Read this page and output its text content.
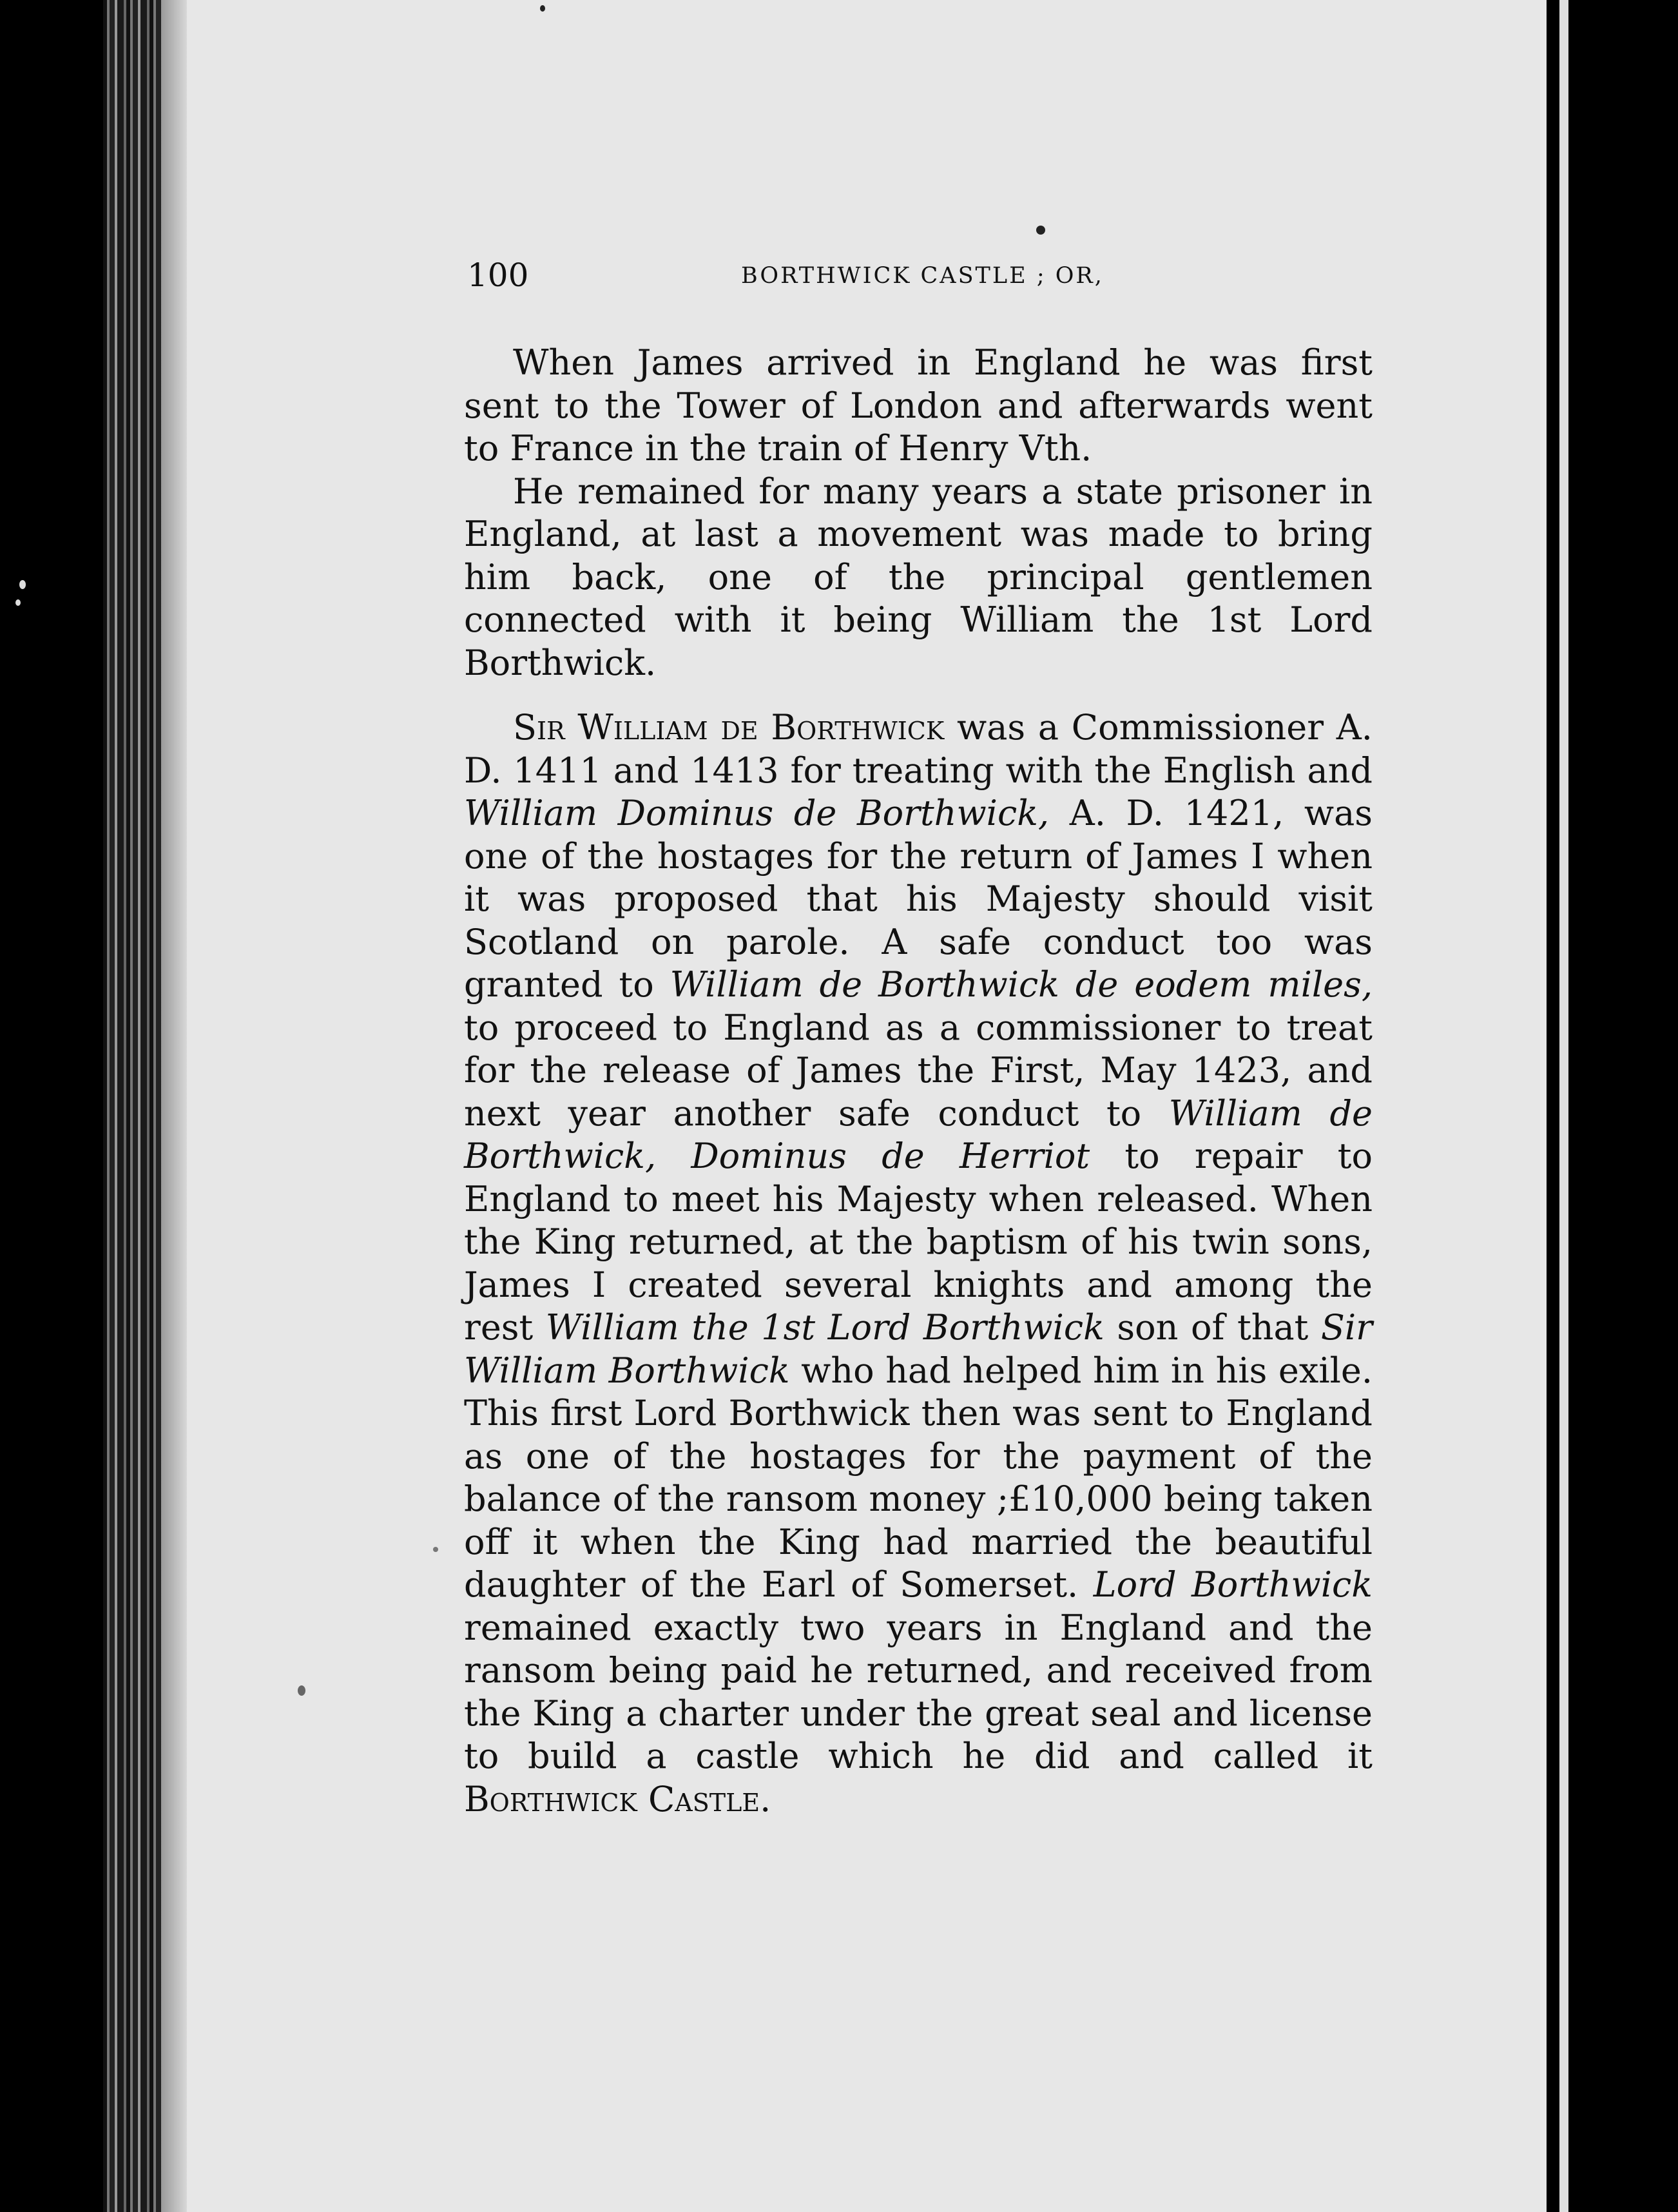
100	BORTHWICK CASTLE ; OR,

When James arrived in England he was first sent to the Tower of London and afterwards went to France in the train of Henry Vth.

He remained for many years a state prisoner in England, at last a movement was made to bring him back, one of the principal gentlemen connected with it being William the 1st Lord Borthwick.

Sir William de Borthwick was a Commissioner A. D. 1411 and 1413 for treating with the English and William Dominus de Borthwick, A. D. 1421, was one of the hostages for the return of James I when it was proposed that his Majesty should visit Scotland on parole. A safe conduct too was granted to William de Borthwick de eodem miles, to proceed to England as a commissioner to treat for the release of James the First, May 1423, and next year another safe conduct to William de Borthwick, Dominus de Herriot to repair to England to meet his Majesty when released. When the King returned, at the baptism of his twin sons, James I created several knights and among the rest William the 1st Lord Borthwick son of that Sir William Borthwick who had helped him in his exile. This first Lord Borthwick then was sent to England as one of the hostages for the payment of the balance of the ransom money ;£10,000 being taken off it when the King had married the beautiful daughter of the Earl of Somerset. Lord Borthwick remained exactly two years in England and the ransom being paid he returned, and received from the King a charter under the great seal and license to build a castle which he did and called it Borthwick Castle.
